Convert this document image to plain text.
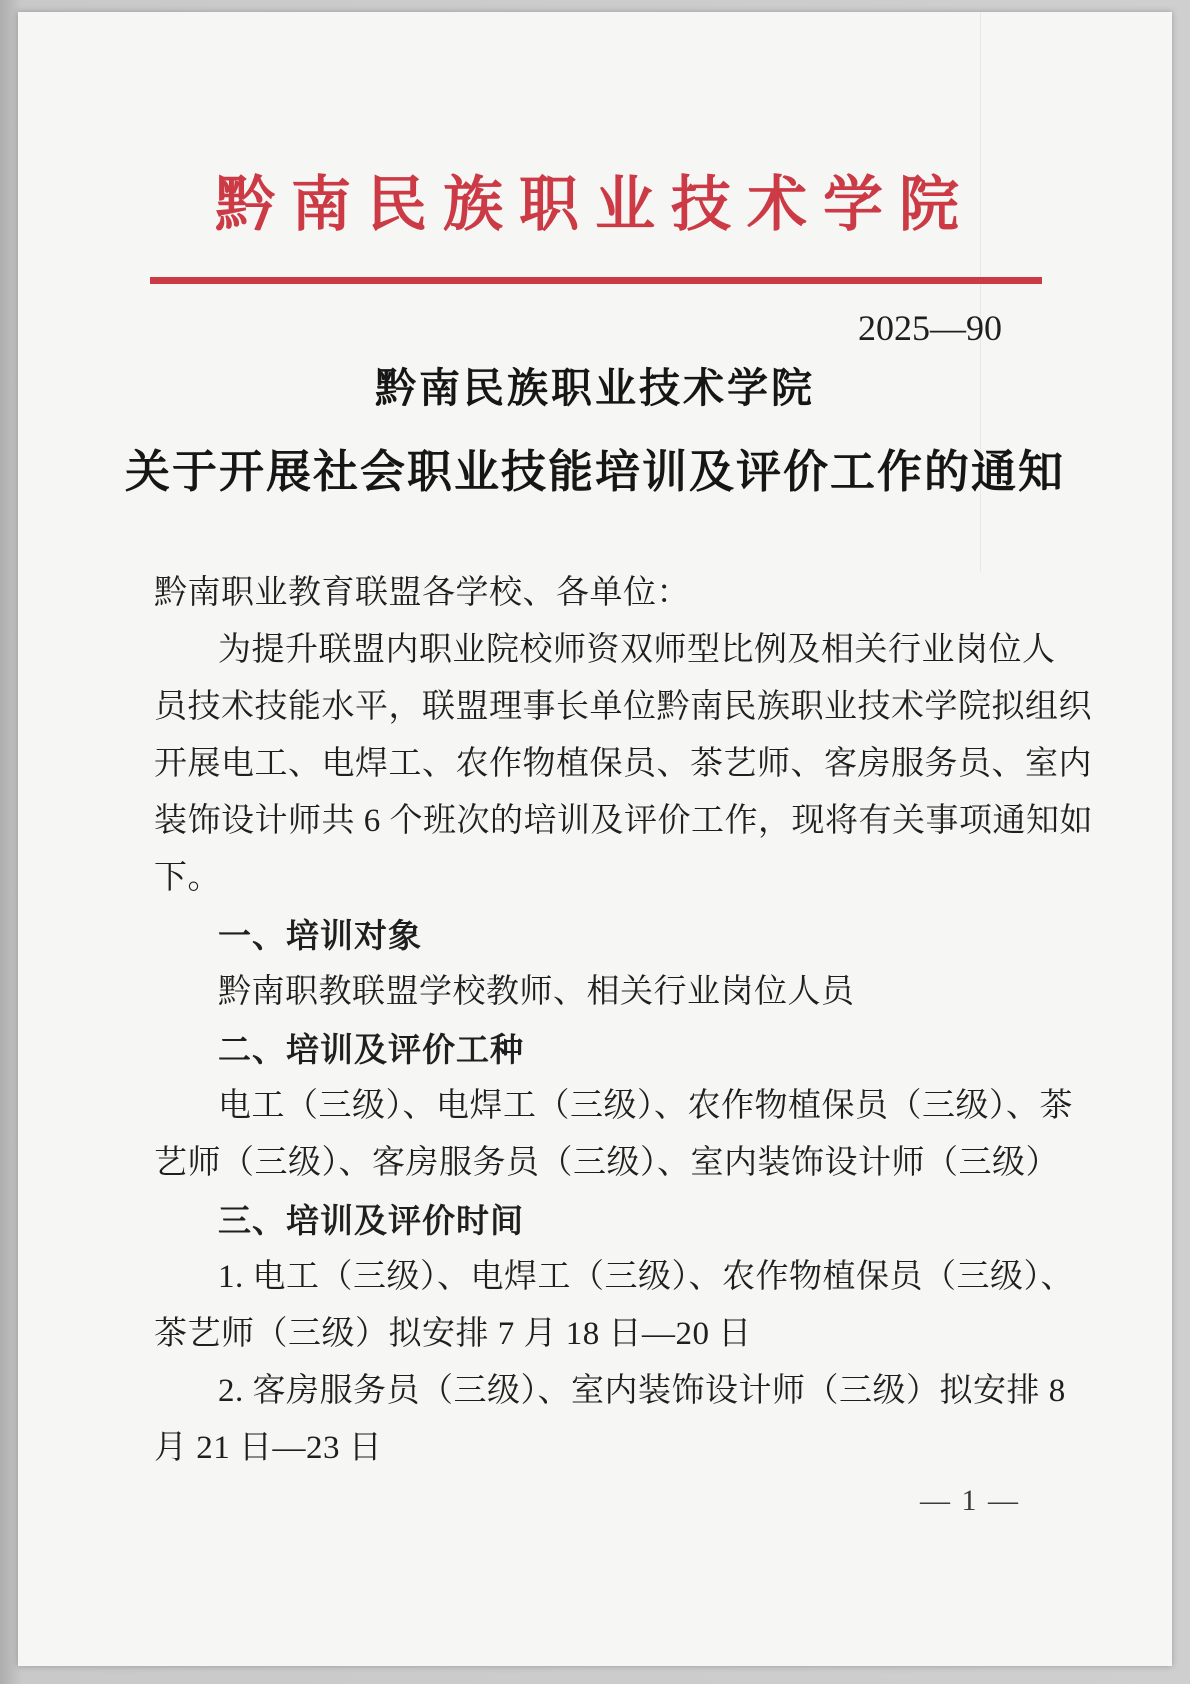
黔南民族职业技术学院
2025—90
黔南民族职业技术学院
关于开展社会职业技能培训及评价工作的通知
黔南职业教育联盟各学校、各单位：
为提升联盟内职业院校师资双师型比例及相关行业岗位人
员技术技能水平，联盟理事长单位黔南民族职业技术学院拟组织
开展电工、电焊工、农作物植保员、茶艺师、客房服务员、室内
装饰设计师共 6 个班次的培训及评价工作，现将有关事项通知如
下。
一、培训对象
黔南职教联盟学校教师、相关行业岗位人员
二、培训及评价工种
电工（三级）、电焊工（三级）、农作物植保员（三级）、茶
艺师（三级）、客房服务员（三级）、室内装饰设计师（三级）
三、培训及评价时间
1. 电工（三级）、电焊工（三级）、农作物植保员（三级）、
茶艺师（三级）拟安排 7 月 18 日—20 日
2. 客房服务员（三级）、室内装饰设计师（三级）拟安排 8
月 21 日—23 日
— 1 —
